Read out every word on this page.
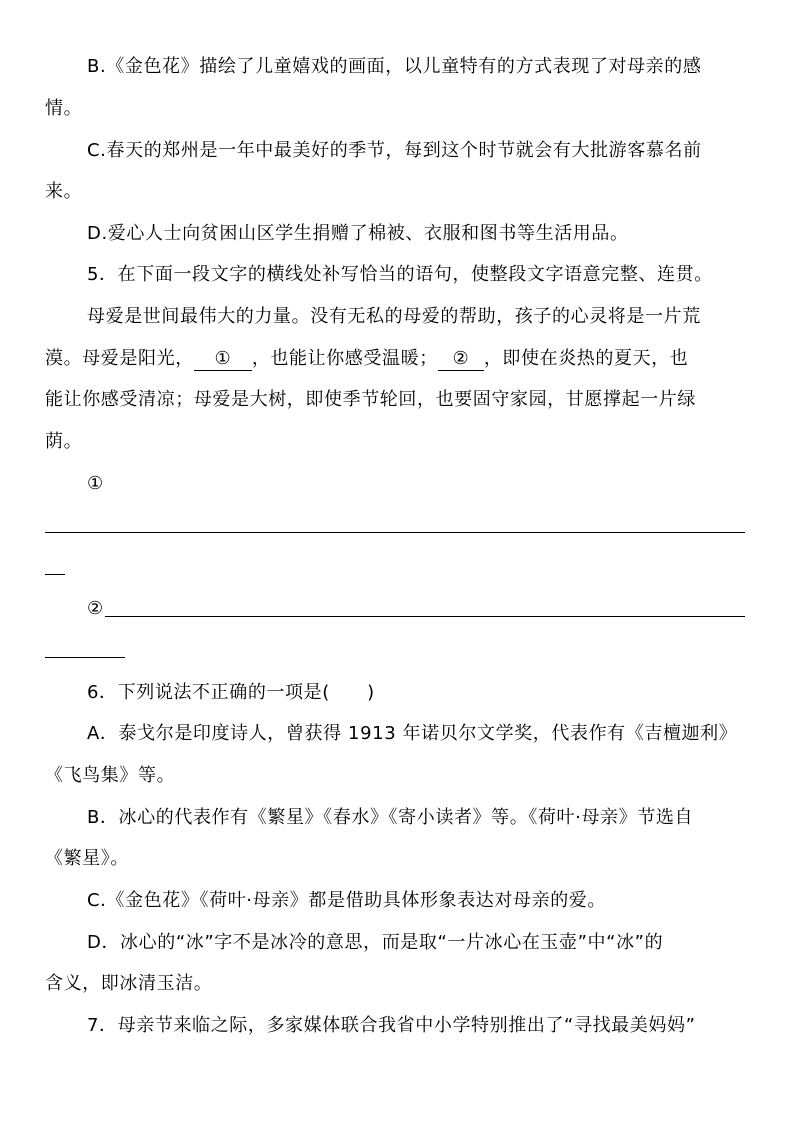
B.《金色花》描绘了儿童嬉戏的画面，以儿童特有的方式表现了对母亲的感
情。
C.春天的郑州是一年中最美好的季节，每到这个时节就会有大批游客慕名前
来。
D.爱心人士向贫困山区学生捐赠了棉被、衣服和图书等生活用品。
5．在下面一段文字的横线处补写恰当的语句，使整段文字语意完整、连贯。
母爱是世间最伟大的力量。没有无私的母爱的帮助，孩子的心灵将是一片荒
漠。母爱是阳光， ① ，也能让你感受温暖； ② ，即使在炎热的夏天，也
能让你感受清凉；母爱是大树，即使季节轮回，也要固守家园，甘愿撑起一片绿
荫。
①
②
6．下列说法不正确的一项是(　　)
A．泰戈尔是印度诗人，曾获得 1913 年诺贝尔文学奖，代表作有《吉檀迦利》
《飞鸟集》等。
B．冰心的代表作有《繁星》《春水》《寄小读者》等。《荷叶·母亲》节选自
《繁星》。
C.《金色花》《荷叶·母亲》都是借助具体形象表达对母亲的爱。
D．冰心的“冰”字不是冰冷的意思，而是取“一片冰心在玉壶”中“冰”的
含义，即冰清玉洁。
7．母亲节来临之际，多家媒体联合我省中小学特别推出了“寻找最美妈妈”
